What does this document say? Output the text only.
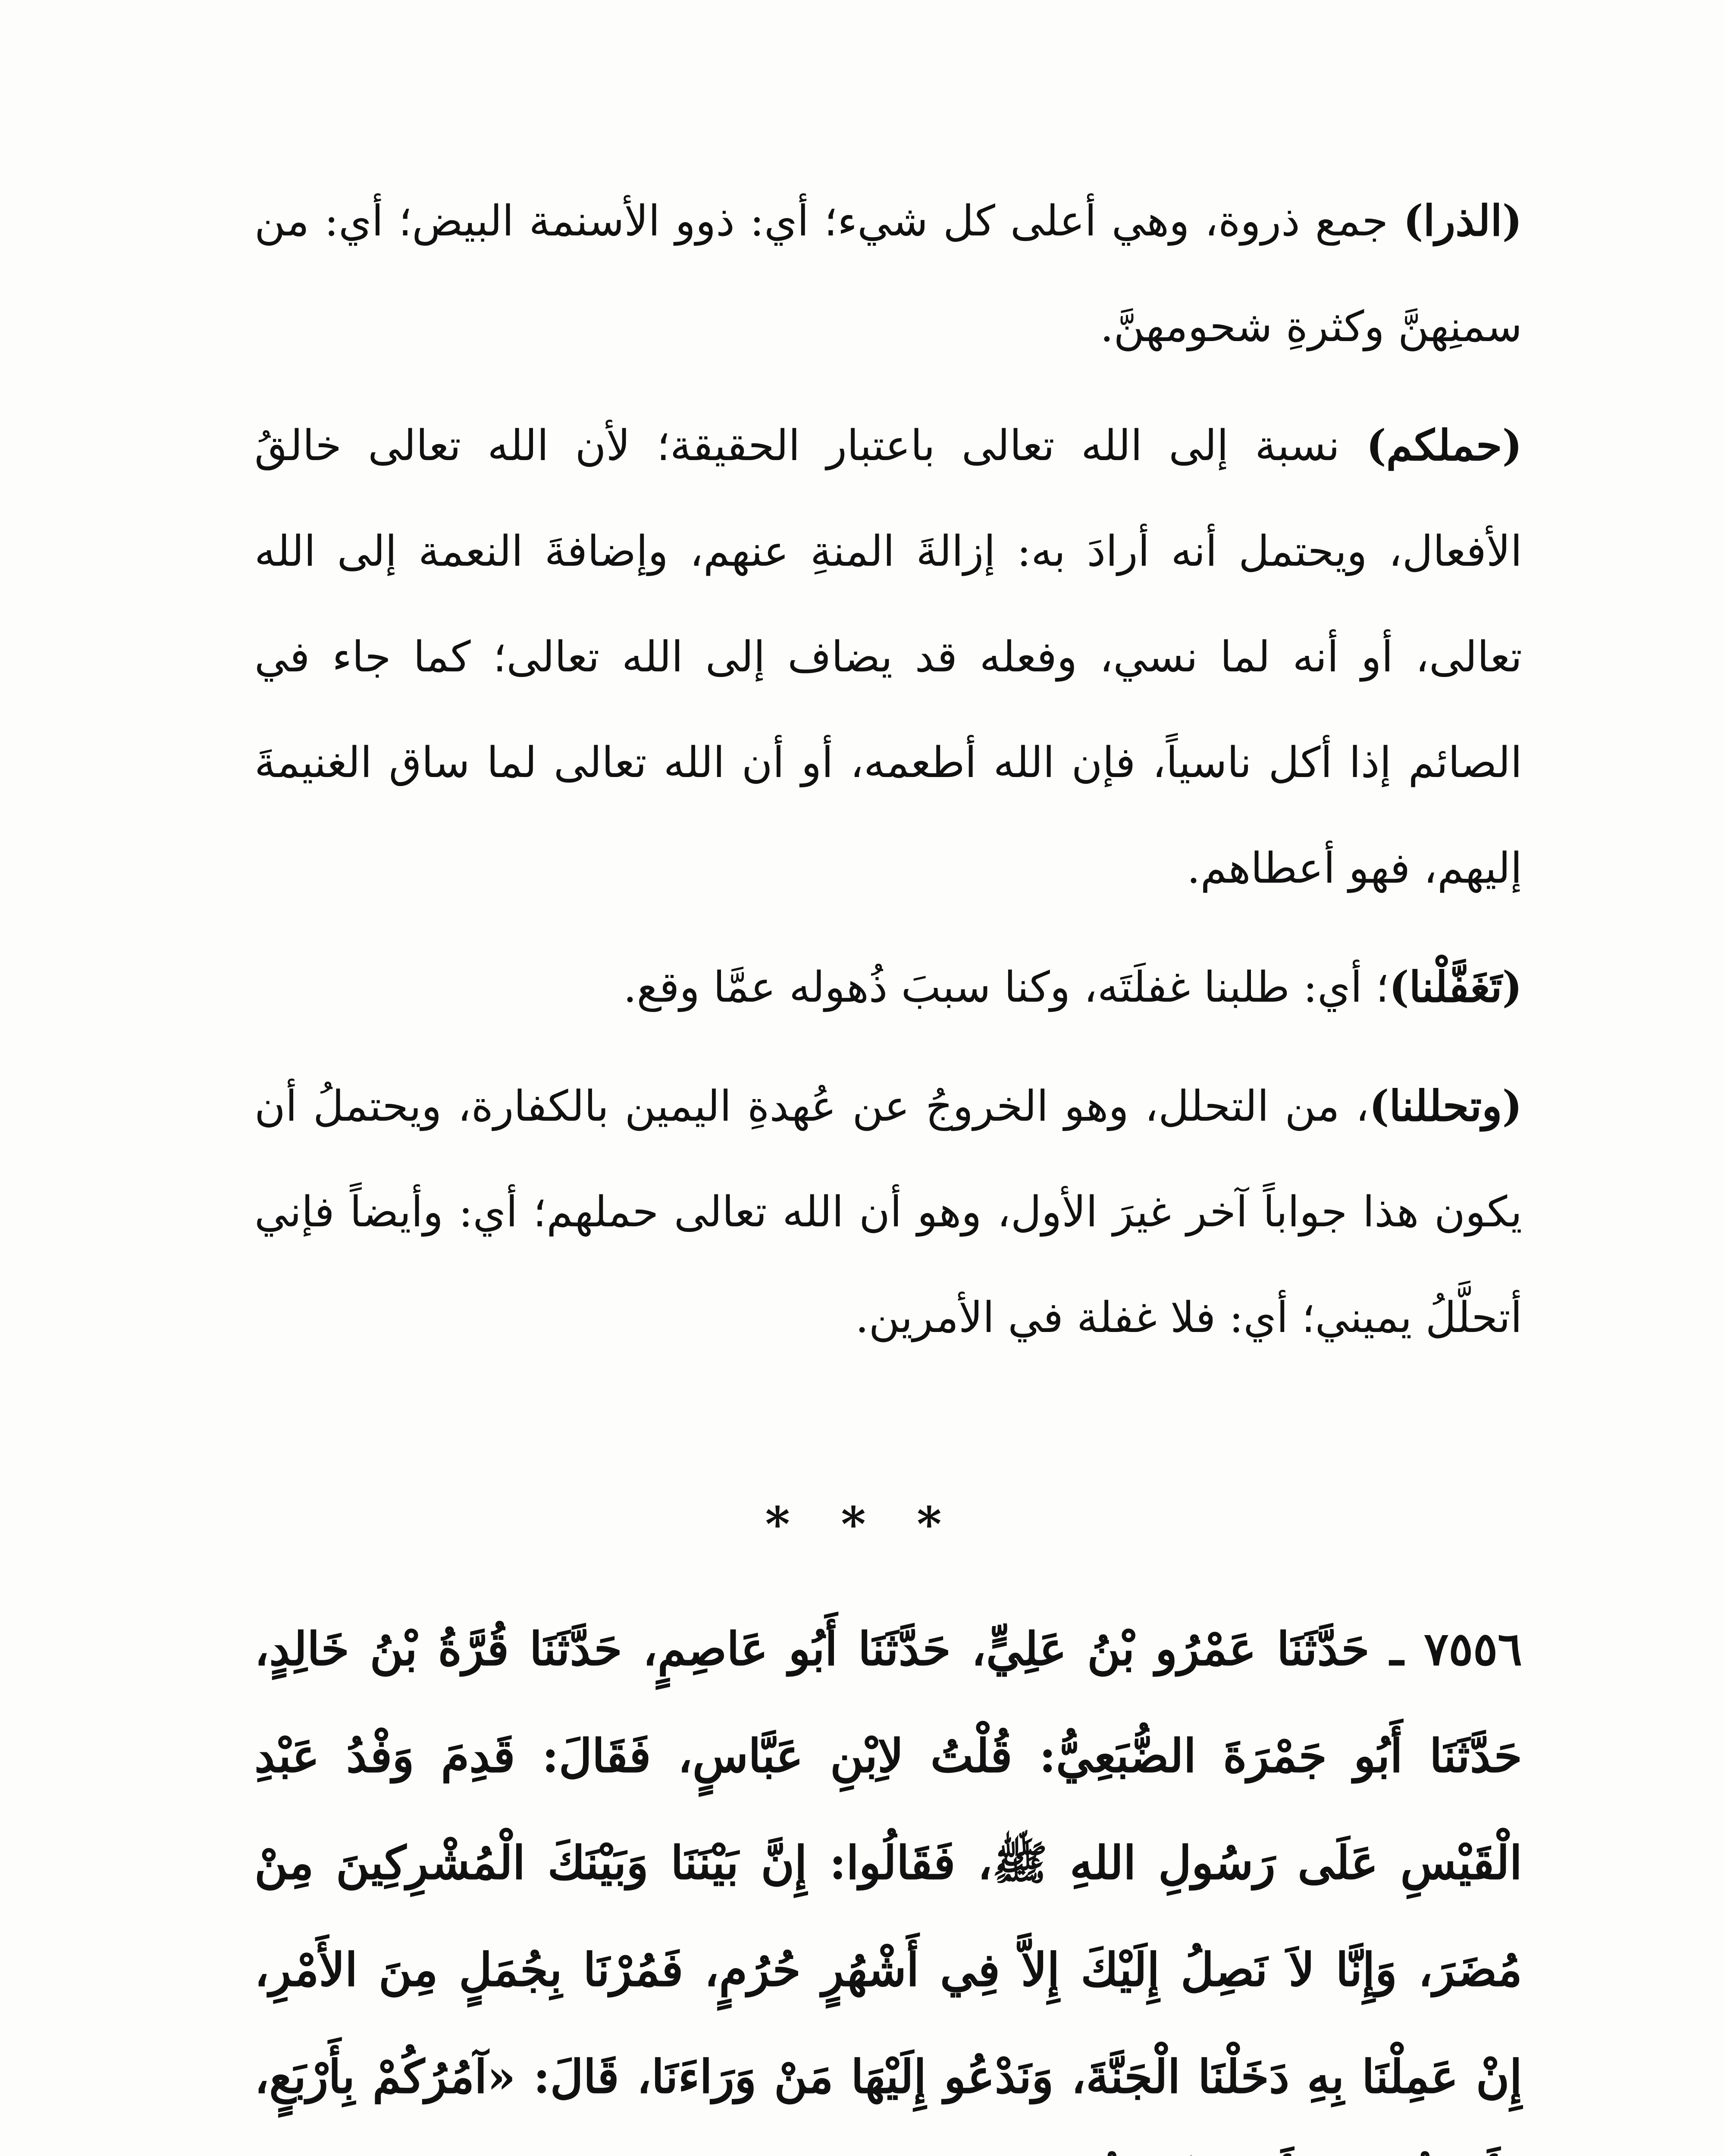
(الذرا) جمع ذروة، وهي أعلى كل شيء؛ أي: ذوو الأسنمة البيض؛ أي: من سمنِهنَّ وكثرةِ شحومهنَّ.

(حملكم) نسبة إلى الله تعالى باعتبار الحقيقة؛ لأن الله تعالى خالقُ الأفعال، ويحتمل أنه أرادَ به: إزالةَ المنةِ عنهم، وإضافةَ النعمة إلى الله تعالى، أو أنه لما نسي، وفعله قد يضاف إلى الله تعالى؛ كما جاء في الصائم إذا أكل ناسياً، فإن الله أطعمه، أو أن الله تعالى لما ساق الغنيمةَ إليهم، فهو أعطاهم.

(تَغَفَّلْنا)؛ أي: طلبنا غفلَتَه، وكنا سببَ ذُهوله عمَّا وقع.

(وتحللنا)، من التحلل، وهو الخروجُ عن عُهدةِ اليمين بالكفارة، ويحتملُ أن يكون هذا جواباً آخر غيرَ الأول، وهو أن الله تعالى حملهم؛ أي: وأيضاً فإني أتحلَّلُ يميني؛ أي: فلا غفلة في الأمرين.

* * *

٧٥٥٦ ـ حَدَّثَنَا عَمْرُو بْنُ عَلِيٍّ، حَدَّثَنَا أَبُو عَاصِمٍ، حَدَّثَنَا قُرَّةُ بْنُ خَالِدٍ، حَدَّثَنَا أَبُو جَمْرَةَ الضُّبَعِيُّ: قُلْتُ لاِبْنِ عَبَّاسٍ، فَقَالَ: قَدِمَ وَفْدُ عَبْدِ الْقَيْسِ عَلَى رَسُولِ اللهِ ﷺ، فَقَالُوا: إِنَّ بَيْنَنَا وَبَيْنَكَ الْمُشْرِكِينَ مِنْ مُضَرَ، وَإِنَّا لاَ نَصِلُ إِلَيْكَ إِلاَّ فِي أَشْهُرٍ حُرُمٍ، فَمُرْنَا بِجُمَلٍ مِنَ الأَمْرِ، إِنْ عَمِلْنَا بِهِ دَخَلْنَا الْجَنَّةَ، وَنَدْعُو إِلَيْهَا مَنْ وَرَاءَنَا، قَالَ: «آمُرُكُمْ بِأَرْبَعٍ،
